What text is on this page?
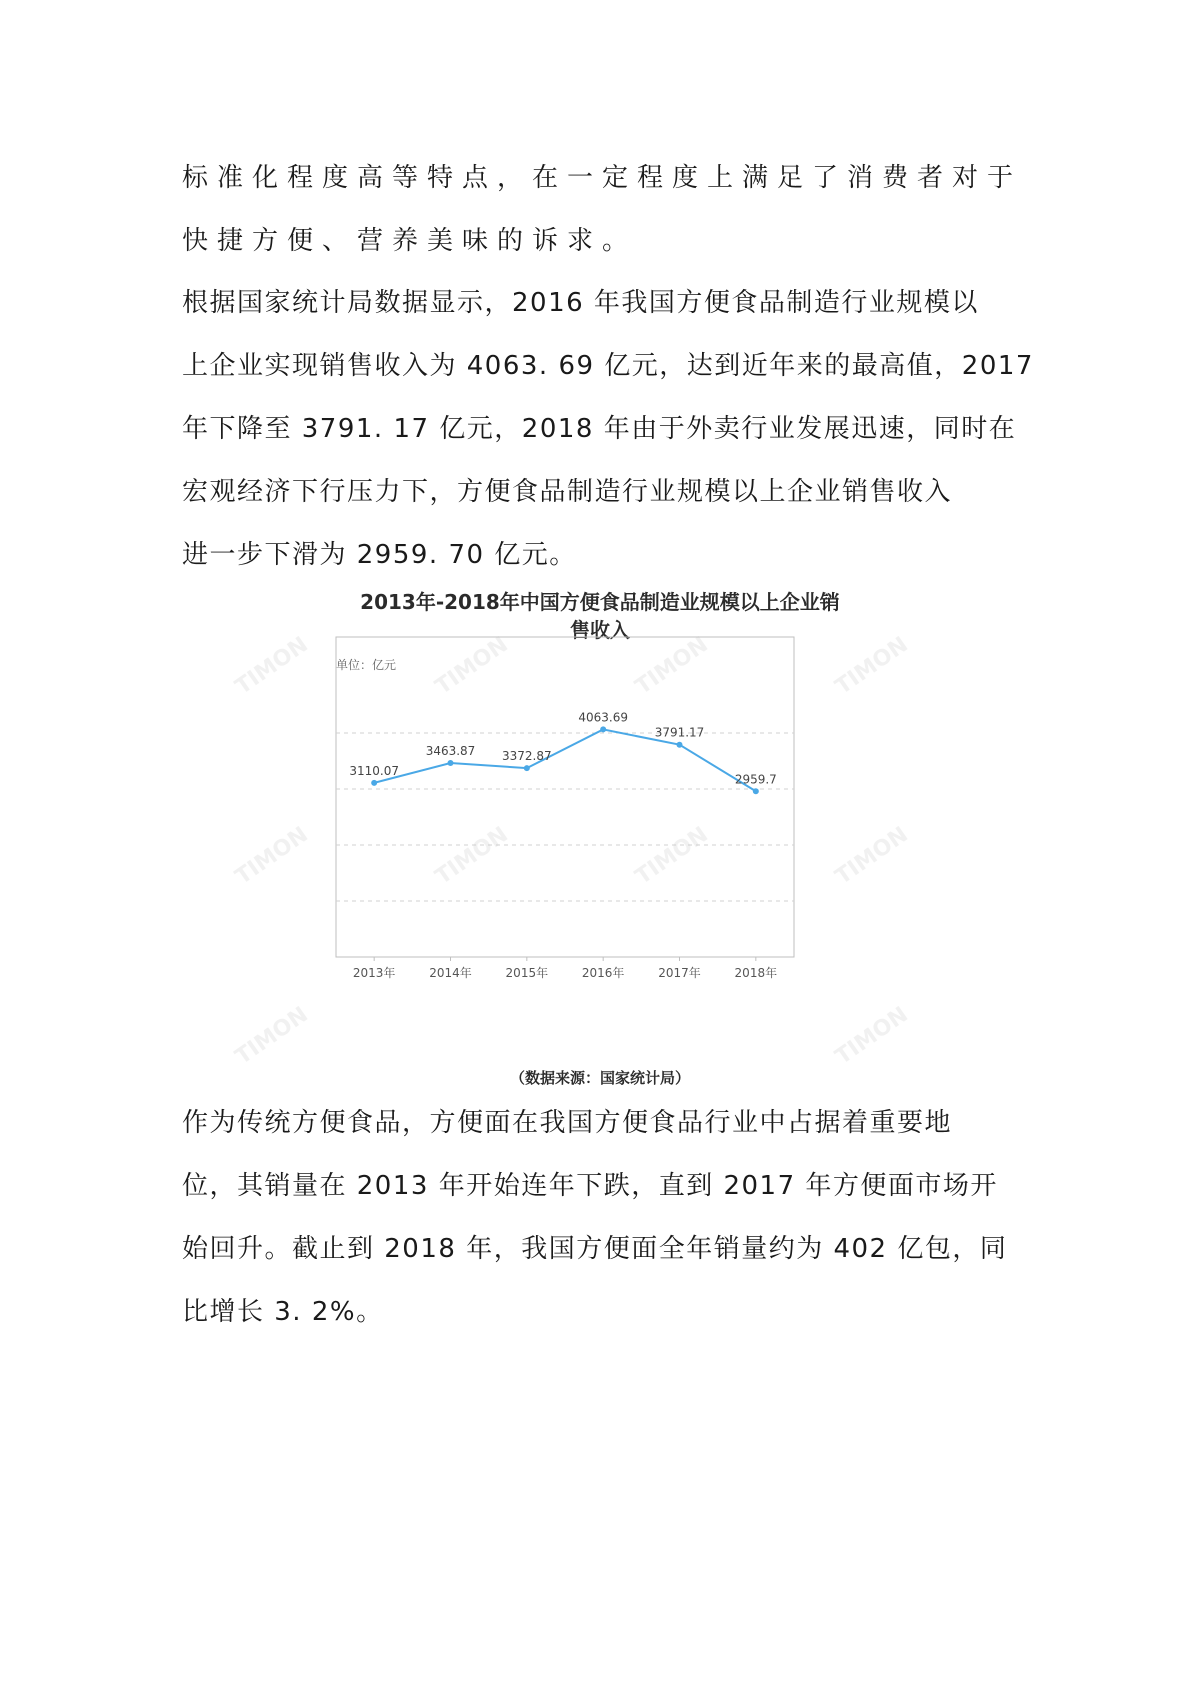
标准化程度高等特点，在一定程度上满足了消费者对于
快捷方便、营养美味的诉求。

根据国家统计局数据显示，2016 年我国方便食品制造行业规模以
上企业实现销售收入为 4063. 69 亿元，达到近年来的最高值，2017
年下降至 3791. 17 亿元，2018 年由于外卖行业发展迅速，同时在
宏观经济下行压力下，方便食品制造行业规模以上企业销售收入
进一步下滑为 2959. 70 亿元。

TIMON	TIMON	TIMON	TIMON
TIMON	TIMON	TIMON	TIMON
TIMON	TIMON
2013年-2018年中国方便食品制造业规模以上企业销
售收入
单位：亿元
2013年	2014年	2015年	2016年	2017年	2018年
3110.07
3463.87 3372.87
4063.69
3791.17
2959.7
（数据来源：国家统计局）

作为传统方便食品，方便面在我国方便食品行业中占据着重要地
位，其销量在 2013 年开始连年下跌，直到 2017 年方便面市场开
始回升。截止到 2018 年，我国方便面全年销量约为 402 亿包，同
比增长 3. 2%。
